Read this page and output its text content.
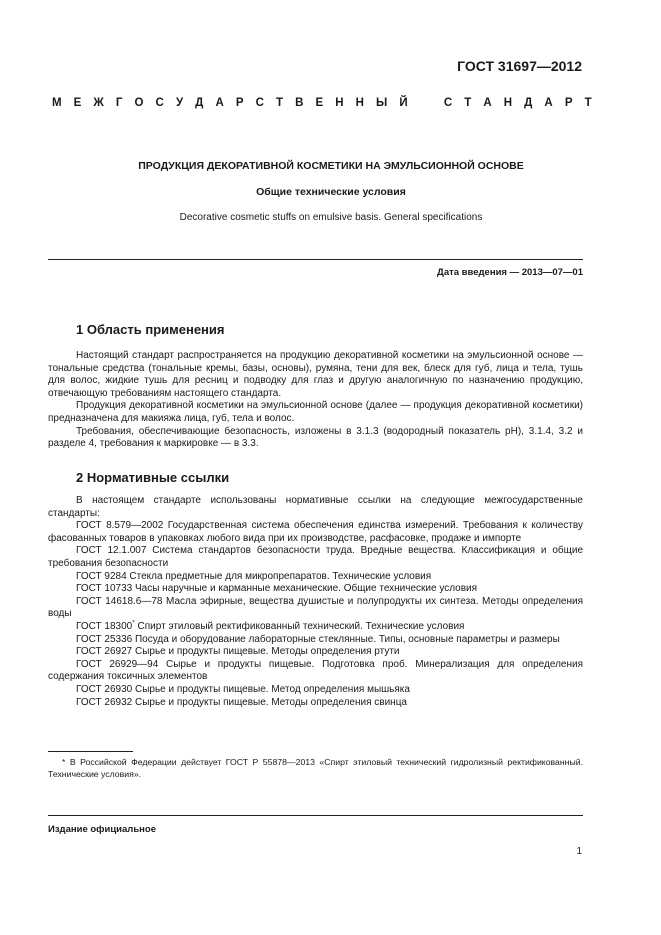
ГОСТ 31697—2012
М Е Ж Г О С У Д А Р С Т В Е Н Н Ы Й	С Т А Н Д А Р Т
ПРОДУКЦИЯ ДЕКОРАТИВНОЙ КОСМЕТИКИ НА ЭМУЛЬСИОННОЙ ОСНОВЕ
Общие технические условия
Decorative cosmetic stuffs on emulsive basis. General specifications
Дата введения — 2013—07—01
1 Область применения

Настоящий стандарт распространяется на продукцию декоративной косметики на эмульсионной основе — тональные средства (тональные кремы, базы, основы), румяна, тени для век, блеск для губ, лица и тела, тушь для волос, жидкие тушь для ресниц и подводку для глаз и другую аналогичную по назначению продукцию, отвечающую требованиям настоящего стандарта.

Продукция декоративной косметики на эмульсионной основе (далее — продукция декоративной косметики) предназначена для макияжа лица, губ, тела и волос.

Требования, обеспечивающие безопасность, изложены в 3.1.3 (водородный показатель рН), 3.1.4, 3.2 и разделе 4, требования к маркировке — в 3.3.

2 Нормативные ссылки

В настоящем стандарте использованы нормативные ссылки на следующие межгосударственные стандарты:

ГОСТ 8.579—2002 Государственная система обеспечения единства измерений. Требования к количеству фасованных товаров в упаковках любого вида при их производстве, расфасовке, продаже и импорте

ГОСТ 12.1.007 Система стандартов безопасности труда. Вредные вещества. Классификация и общие требования безопасности

ГОСТ 9284 Стекла предметные для микропрепаратов. Технические условия

ГОСТ 10733 Часы наручные и карманные механические. Общие технические условия

ГОСТ 14618.6—78 Масла эфирные, вещества душистые и полупродукты их синтеза. Методы определения воды

ГОСТ 18300* Спирт этиловый ректификованный технический. Технические условия

ГОСТ 25336 Посуда и оборудование лабораторные стеклянные. Типы, основные параметры и размеры

ГОСТ 26927 Сырье и продукты пищевые. Методы определения ртути

ГОСТ 26929—94 Сырье и продукты пищевые. Подготовка проб. Минерализация для определения содержания токсичных элементов

ГОСТ 26930 Сырье и продукты пищевые. Метод определения мышьяка

ГОСТ 26932 Сырье и продукты пищевые. Методы определения свинца

* В Российской Федерации действует ГОСТ Р 55878—2013 «Спирт этиловый технический гидролизный ректификованный. Технические условия».

Издание официальное
1
